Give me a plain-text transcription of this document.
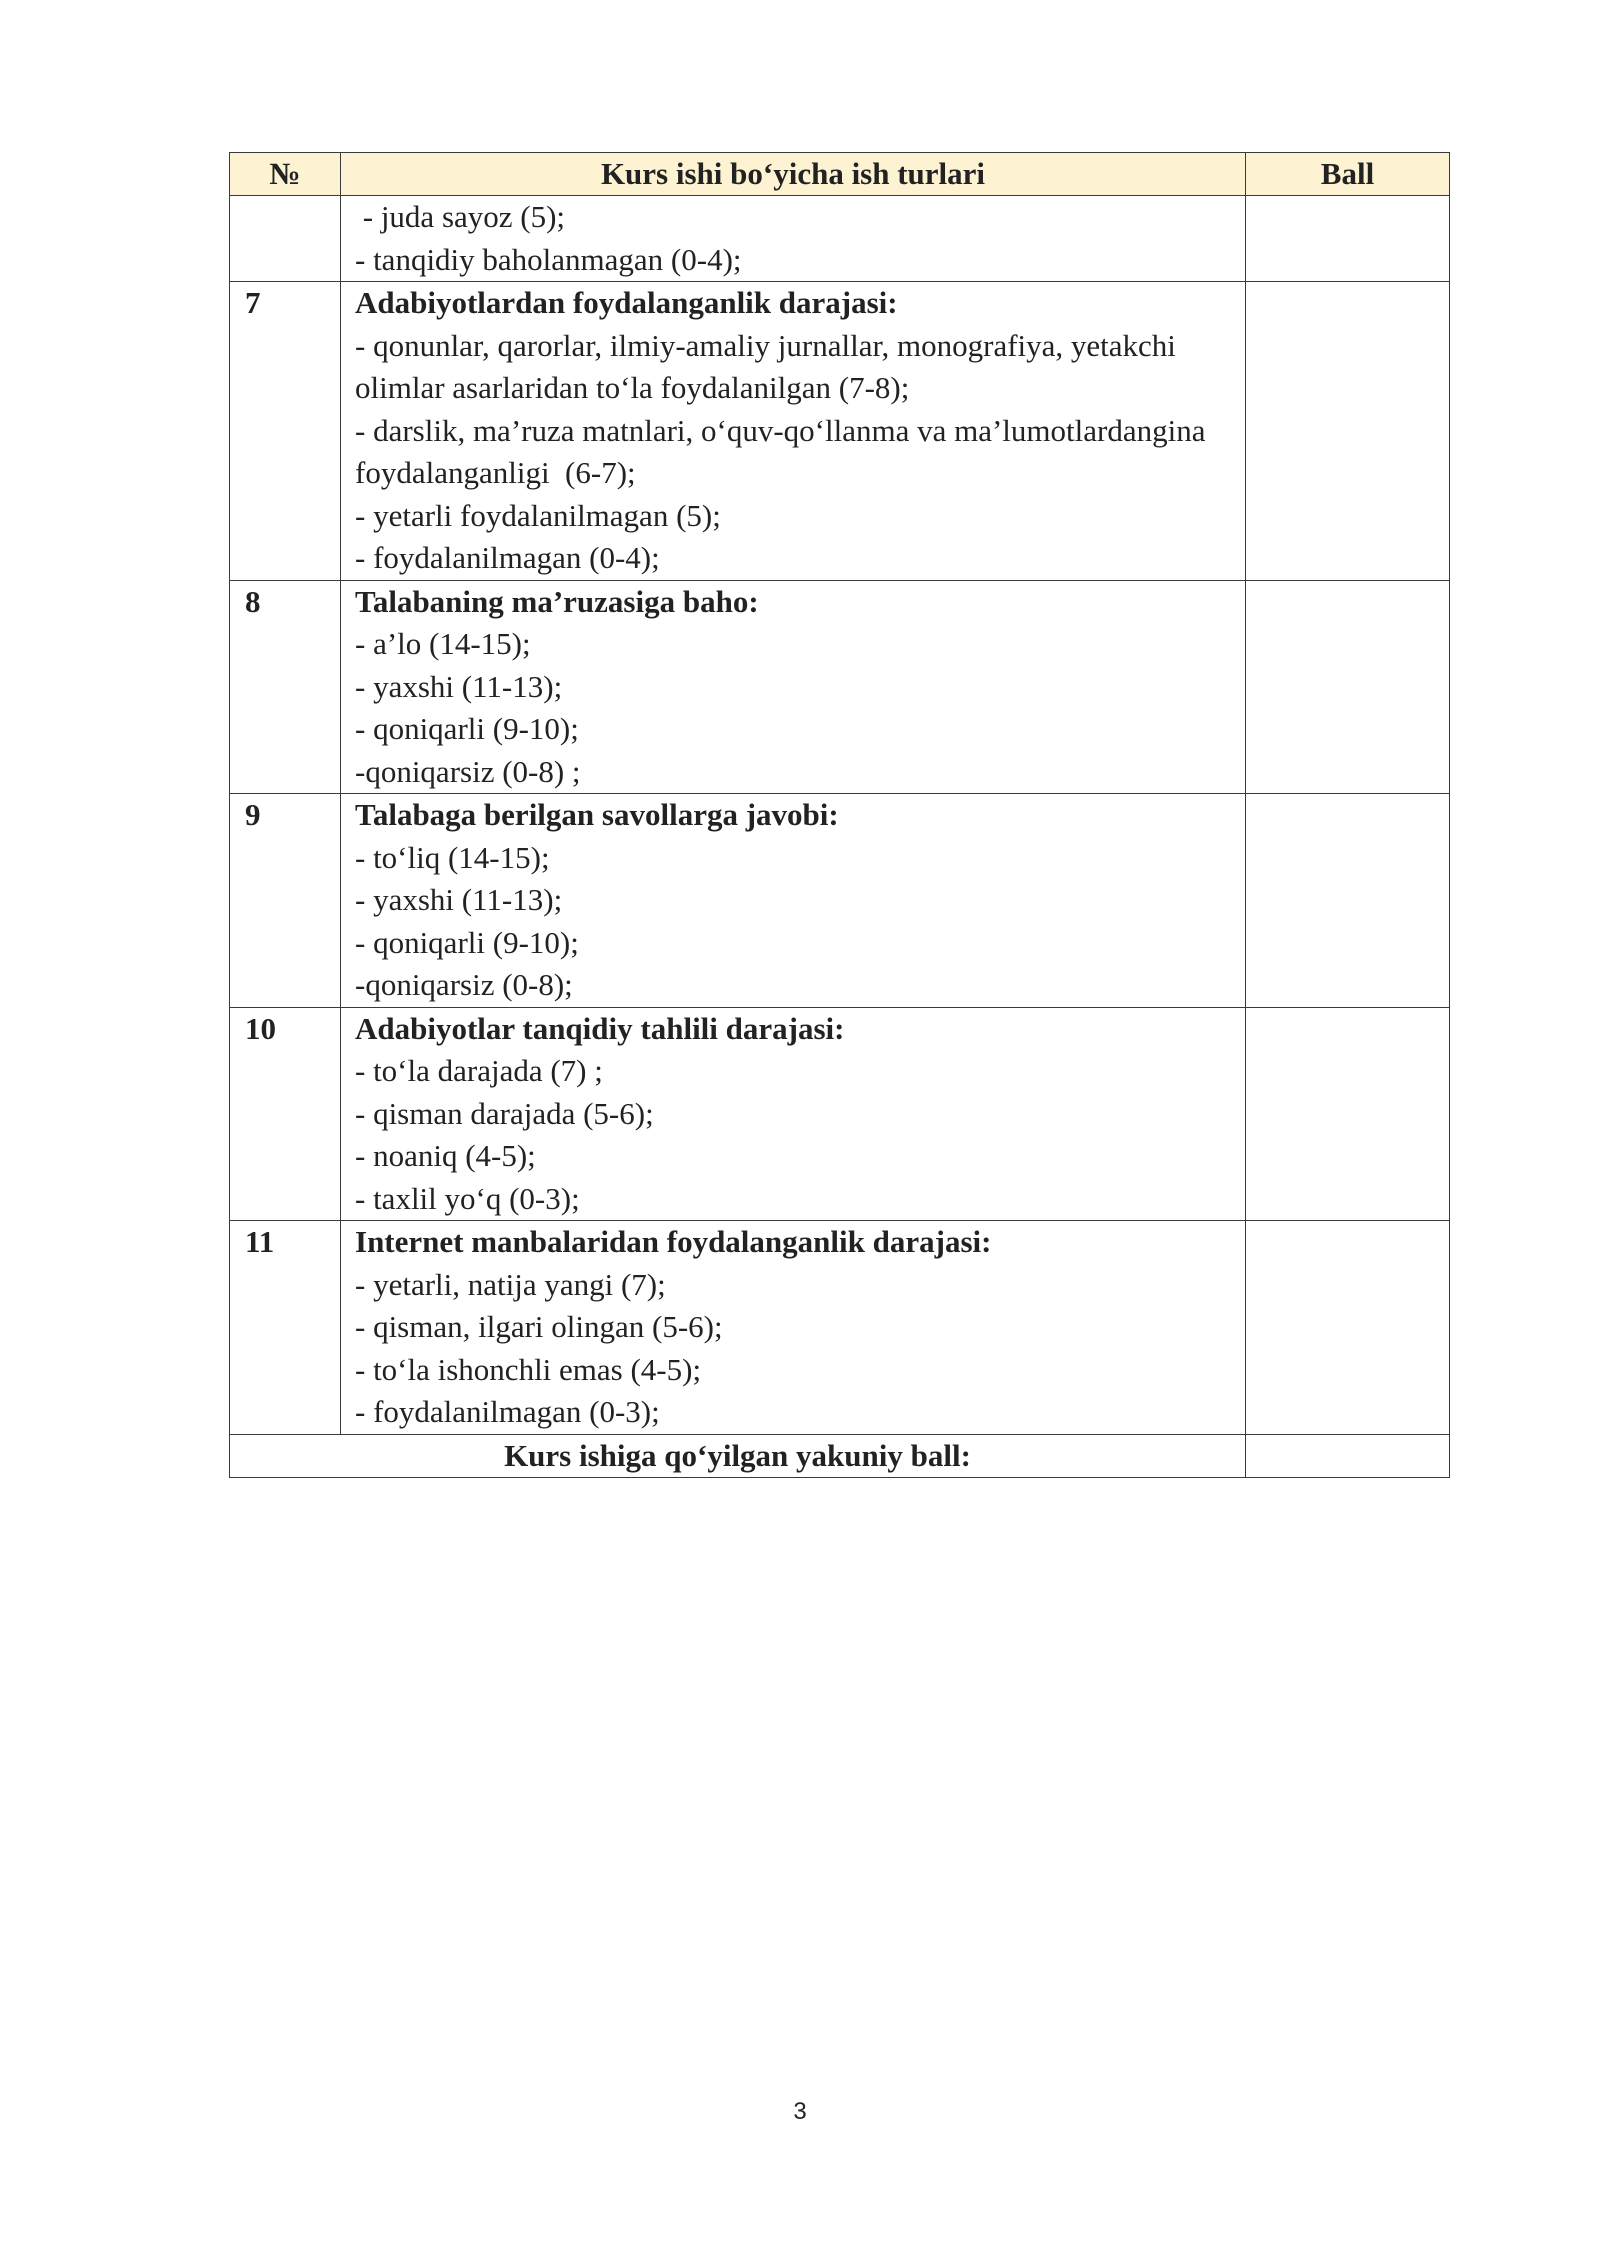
№	Kurs ishi bo‘yicha ish turlari	Ball

	- juda sayoz (5);
- tanqidiy baholanmagan (0-4);	

7	Adabiyotlardan foydalanganlik darajasi:
- qonunlar, qarorlar, ilmiy-amaliy jurnallar, monografiya, yetakchi olimlar asarlaridan to‘la foydalanilgan (7-8);
- darslik, ma’ruza matnlari, o‘quv-qo‘llanma va ma’lumotlardangina foydalanganligi  (6-7);
- yetarli foydalanilmagan (5);
- foydalanilmagan (0-4);	

8	Talabaning ma’ruzasiga baho:
- a’lo (14-15);
- yaxshi (11-13);
- qoniqarli (9-10);
-qoniqarsiz (0-8) ;	

9	Talabaga berilgan savollarga javobi:
- to‘liq (14-15);
- yaxshi (11-13);
- qoniqarli (9-10);
-qoniqarsiz (0-8);	

10	Adabiyotlar tanqidiy tahlili darajasi:
- to‘la darajada (7) ;
- qisman darajada (5-6);
- noaniq (4-5);
- taxlil yo‘q (0-3);	

11	Internet manbalaridan foydalanganlik darajasi:
- yetarli, natija yangi (7);
- qisman, ilgari olingan (5-6);
- to‘la ishonchli emas (4-5);
- foydalanilmagan (0-3);	

Kurs ishiga qo‘yilgan yakuniy ball:		
3
